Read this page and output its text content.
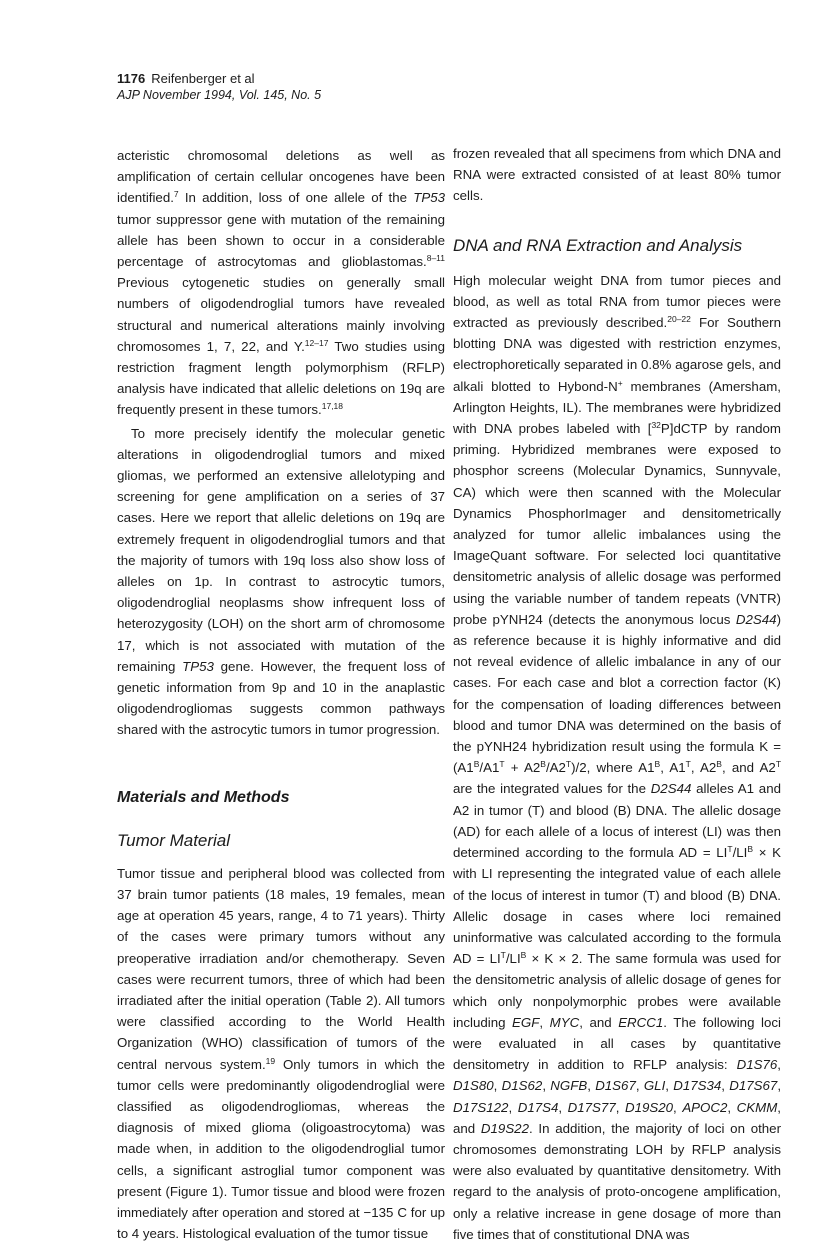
1176 Reifenberger et al
AJP November 1994, Vol. 145, No. 5

acteristic chromosomal deletions as well as amplification of certain cellular oncogenes have been identified.$^7$ In addition, loss of one allele of the TP53 tumor suppressor gene with mutation of the remaining allele has been shown to occur in a considerable percentage of astrocytomas and glioblastomas.$^{8-11}$ Previous cytogenetic studies on generally small numbers of oligodendroglial tumors have revealed structural and numerical alterations mainly involving chromosomes 1, 7, 22, and Y.$^{12-17}$ Two studies using restriction fragment length polymorphism (RFLP) analysis have indicated that allelic deletions on 19q are frequently present in these tumors.$^{17,18}$

To more precisely identify the molecular genetic alterations in oligodendroglial tumors and mixed gliomas, we performed an extensive allelotyping and screening for gene amplification on a series of 37 cases. Here we report that allelic deletions on 19q are extremely frequent in oligodendroglial tumors and that the majority of tumors with 19q loss also show loss of alleles on 1p. In contrast to astrocytic tumors, oligodendroglial neoplasms show infrequent loss of heterozygosity (LOH) on the short arm of chromosome 17, which is not associated with mutation of the remaining TP53 gene. However, the frequent loss of genetic information from 9p and 10 in the anaplastic oligodendrogliomas suggests common pathways shared with the astrocytic tumors in tumor progression.

Materials and Methods
Tumor Material

Tumor tissue and peripheral blood was collected from 37 brain tumor patients (18 males, 19 females, mean age at operation 45 years, range, 4 to 71 years). Thirty of the cases were primary tumors without any preoperative irradiation and/or chemotherapy. Seven cases were recurrent tumors, three of which had been irradiated after the initial operation (Table 2). All tumors were classified according to the World Health Organization (WHO) classification of tumors of the central nervous system.$^{19}$ Only tumors in which the tumor cells were predominantly oligodendroglial were classified as oligodendrogliomas, whereas the diagnosis of mixed glioma (oligoastrocytoma) was made when, in addition to the oligodendroglial tumor cells, a significant astroglial tumor component was present (Figure 1). Tumor tissue and blood were frozen immediately after operation and stored at −135 C for up to 4 years. Histological evaluation of the tumor tissue

frozen revealed that all specimens from which DNA and RNA were extracted consisted of at least 80% tumor cells.

DNA and RNA Extraction and Analysis

High molecular weight DNA from tumor pieces and blood, as well as total RNA from tumor pieces were extracted as previously described.$^{20-22}$ For Southern blotting DNA was digested with restriction enzymes, electrophoretically separated in 0.8% agarose gels, and alkali blotted to Hybond-N+ membranes (Amersham, Arlington Heights, IL). The membranes were hybridized with DNA probes labeled with [$^{32}$P]dCTP by random priming. Hybridized membranes were exposed to phosphor screens (Molecular Dynamics, Sunnyvale, CA) which were then scanned with the Molecular Dynamics PhosphorImager and densitometrically analyzed for tumor allelic imbalances using the ImageQuant software. For selected loci quantitative densitometric analysis of allelic dosage was performed using the variable number of tandem repeats (VNTR) probe pYNH24 (detects the anonymous locus D2S44) as reference because it is highly informative and did not reveal evidence of allelic imbalance in any of our cases. For each case and blot a correction factor (K) for the compensation of loading differences between blood and tumor DNA was determined on the basis of the pYNH24 hybridization result using the formula $K = (A1^B/A1^T + A2^B/A2^T)/2$, where $A1^B$, $A1^T$, $A2^B$, and $A2^T$ are the integrated values for the D2S44 alleles A1 and A2 in tumor (T) and blood (B) DNA. The allelic dosage (AD) for each allele of a locus of interest (LI) was then determined according to the formula AD = $LI^T/LI^B \times K$ with LI representing the integrated value of each allele of the locus of interest in tumor (T) and blood (B) DNA. Allelic dosage in cases where loci remained uninformative was calculated according to the formula AD = $LI^T/LI^B \times K \times 2$. The same formula was used for the densitometric analysis of allelic dosage of genes for which only nonpolymorphic probes were available including EGF, MYC, and ERCC1. The following loci were evaluated in all cases by quantitative densitometry in addition to RFLP analysis: D1S76, D1S80, D1S62, NGFB, D1S67, GLI, D17S34, D17S67, D17S122, D17S4, D17S77, D19S20, APOC2, CKMM, and D19S22. In addition, the majority of loci on other chromosomes demonstrating LOH by RFLP analysis were also evaluated by quantitative densitometry. With regard to the analysis of proto-oncogene amplification, only a relative increase in gene dosage of more than five times that of constitutional DNA was
